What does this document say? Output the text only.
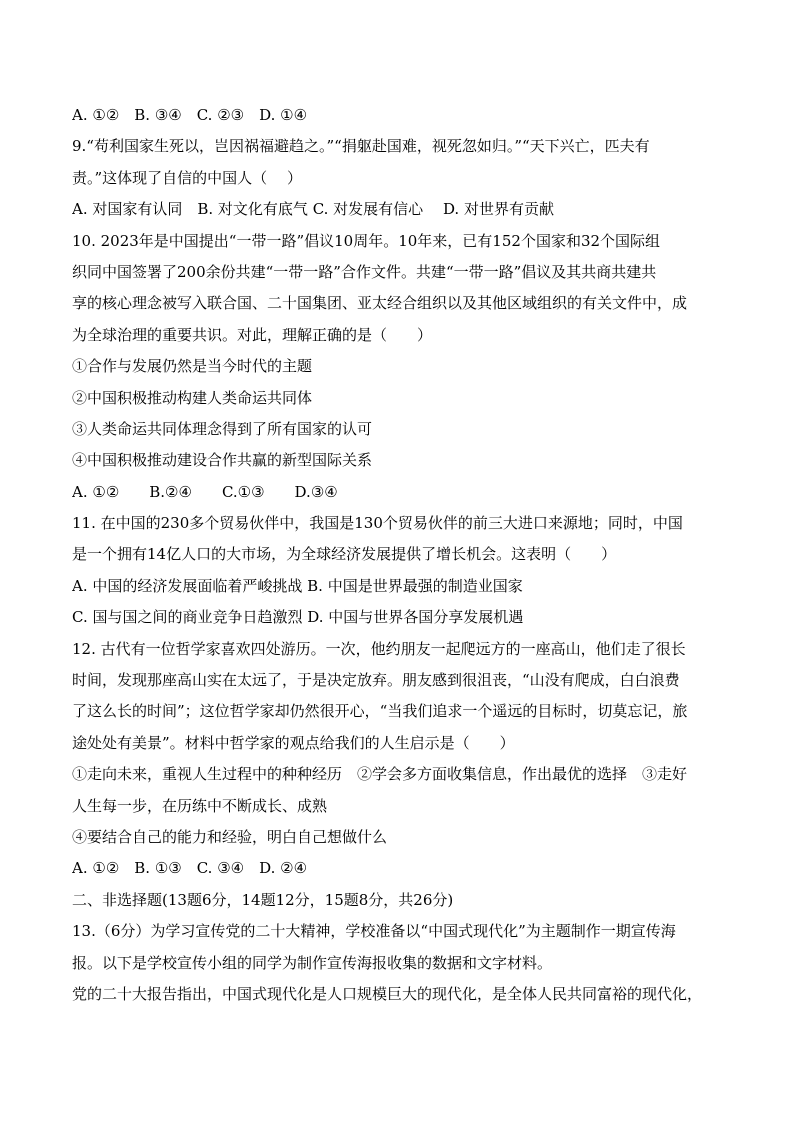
A. ①②　B. ③④　C. ②③　D. ①④
9.“苟利国家生死以，岂因祸福避趋之。”“捐躯赴国难，视死忽如归。”“天下兴亡，匹夫有
责。”这体现了自信的中国人（　 ）
A. 对国家有认同　B. 对文化有底气 C. 对发展有信心　 D. 对世界有贡献
10. 2023年是中国提出“一带一路”倡议10周年。10年来，已有152个国家和32个国际组
织同中国签署了200余份共建“一带一路”合作文件。共建“一带一路”倡议及其共商共建共
享的核心理念被写入联合国、二十国集团、亚太经合组织以及其他区域组织的有关文件中，成
为全球治理的重要共识。对此，理解正确的是（　　）
①合作与发展仍然是当今时代的主题
②中国积极推动构建人类命运共同体
③人类命运共同体理念得到了所有国家的认可
④中国积极推动建设合作共赢的新型国际关系
A. ①②　　B.②④　　C.①③　　D.③④
11. 在中国的230多个贸易伙伴中，我国是130个贸易伙伴的前三大进口来源地；同时，中国
是一个拥有14亿人口的大市场，为全球经济发展提供了增长机会。这表明（　　）
A. 中国的经济发展面临着严峻挑战 B. 中国是世界最强的制造业国家
C. 国与国之间的商业竞争日趋激烈 D. 中国与世界各国分享发展机遇
12. 古代有一位哲学家喜欢四处游历。一次，他约朋友一起爬远方的一座高山，他们走了很长
时间，发现那座高山实在太远了，于是决定放弃。朋友感到很沮丧，“山没有爬成，白白浪费
了这么长的时间”；这位哲学家却仍然很开心，“当我们追求一个遥远的目标时，切莫忘记，旅
途处处有美景”。材料中哲学家的观点给我们的人生启示是（　　）
①走向未来，重视人生过程中的种种经历　②学会多方面收集信息，作出最优的选择　③走好
人生每一步，在历练中不断成长、成熟
④要结合自己的能力和经验，明白自己想做什么
A. ①②　B. ①③　C. ③④　D. ②④
二、非选择题(13题6分，14题12分，15题8分，共26分)
13.（6分）为学习宣传党的二十大精神，学校准备以“中国式现代化”为主题制作一期宣传海
报。以下是学校宣传小组的同学为制作宣传海报收集的数据和文字材料。
党的二十大报告指出，中国式现代化是人口规模巨大的现代化，是全体人民共同富裕的现代化，
